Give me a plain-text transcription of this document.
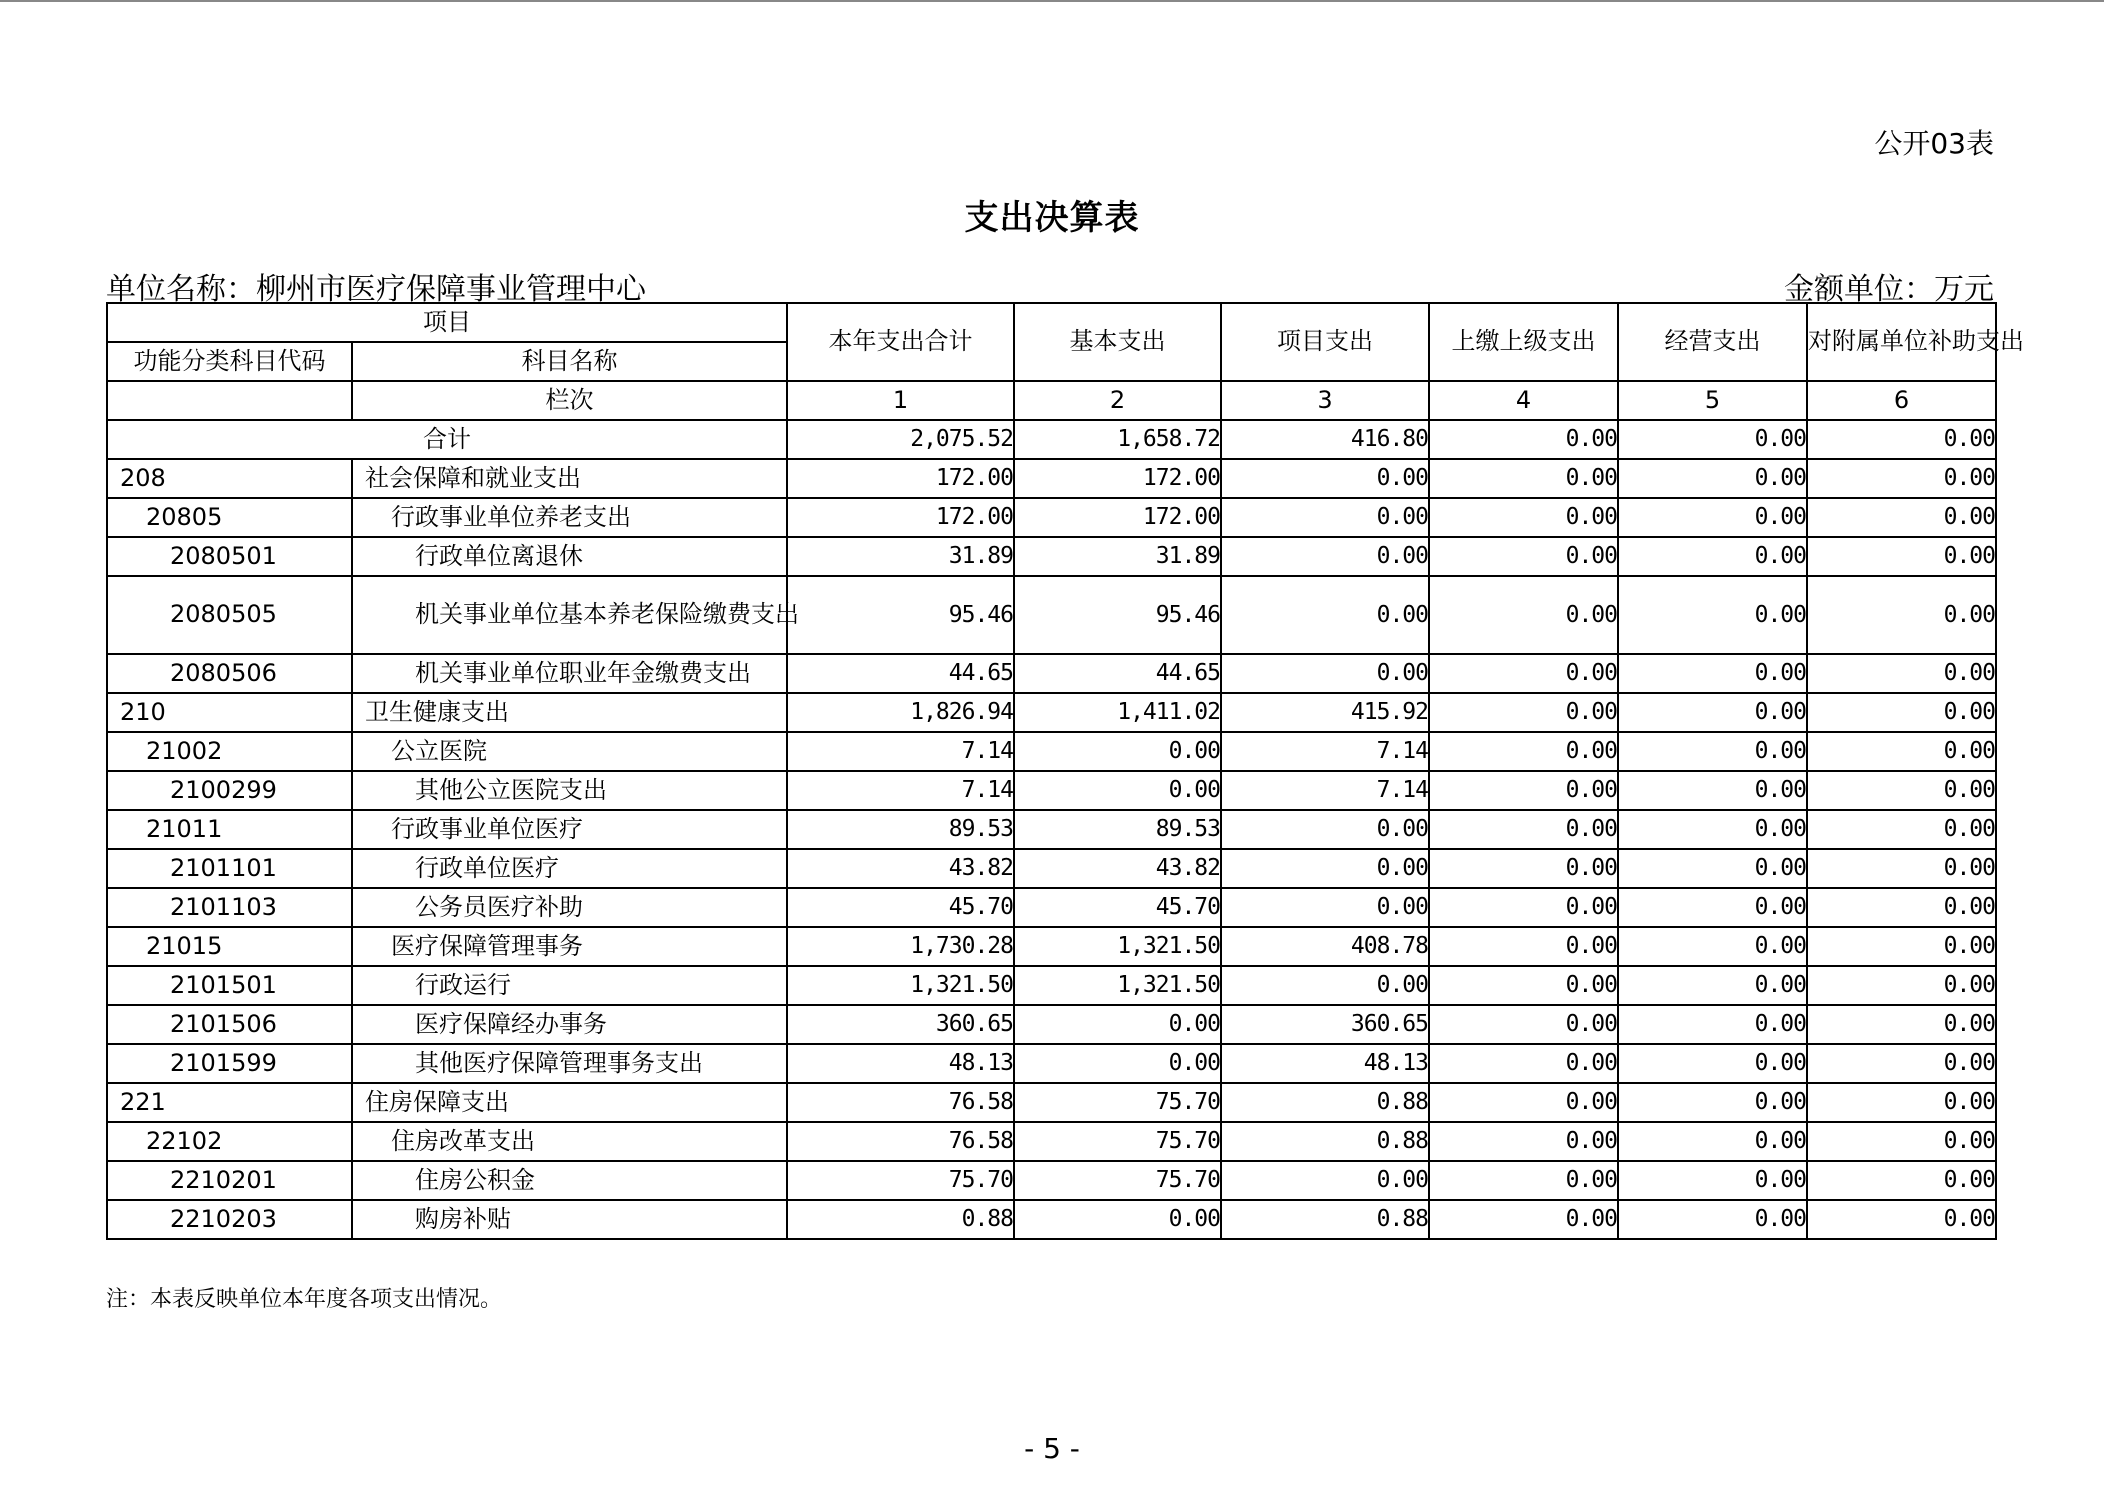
公开03表
支出决算表
单位名称：柳州市医疗保障事业管理中心	金额单位：万元
项目		本年支出合计	基本支出	项目支出	上缴上级支出	经营支出	对附属单位补助支出
功能分类科目代码	科目名称						
	栏次	1	2	3	4	5	6
合计		2,075.52	1,658.72	416.80	0.00	0.00	0.00
208	社会保障和就业支出	172.00	172.00	0.00	0.00	0.00	0.00
20805	行政事业单位养老支出	172.00	172.00	0.00	0.00	0.00	0.00
2080501	行政单位离退休	31.89	31.89	0.00	0.00	0.00	0.00
2080505	机关事业单位基本养老保险缴费支出	95.46	95.46	0.00	0.00	0.00	0.00
2080506	机关事业单位职业年金缴费支出	44.65	44.65	0.00	0.00	0.00	0.00
210	卫生健康支出	1,826.94	1,411.02	415.92	0.00	0.00	0.00
21002	公立医院	7.14	0.00	7.14	0.00	0.00	0.00
2100299	其他公立医院支出	7.14	0.00	7.14	0.00	0.00	0.00
21011	行政事业单位医疗	89.53	89.53	0.00	0.00	0.00	0.00
2101101	行政单位医疗	43.82	43.82	0.00	0.00	0.00	0.00
2101103	公务员医疗补助	45.70	45.70	0.00	0.00	0.00	0.00
21015	医疗保障管理事务	1,730.28	1,321.50	408.78	0.00	0.00	0.00
2101501	行政运行	1,321.50	1,321.50	0.00	0.00	0.00	0.00
2101506	医疗保障经办事务	360.65	0.00	360.65	0.00	0.00	0.00
2101599	其他医疗保障管理事务支出	48.13	0.00	48.13	0.00	0.00	0.00
221	住房保障支出	76.58	75.70	0.88	0.00	0.00	0.00
22102	住房改革支出	76.58	75.70	0.88	0.00	0.00	0.00
2210201	住房公积金	75.70	75.70	0.00	0.00	0.00	0.00
2210203	购房补贴	0.88	0.00	0.88	0.00	0.00	0.00
注：本表反映单位本年度各项支出情况。
- 5 -
